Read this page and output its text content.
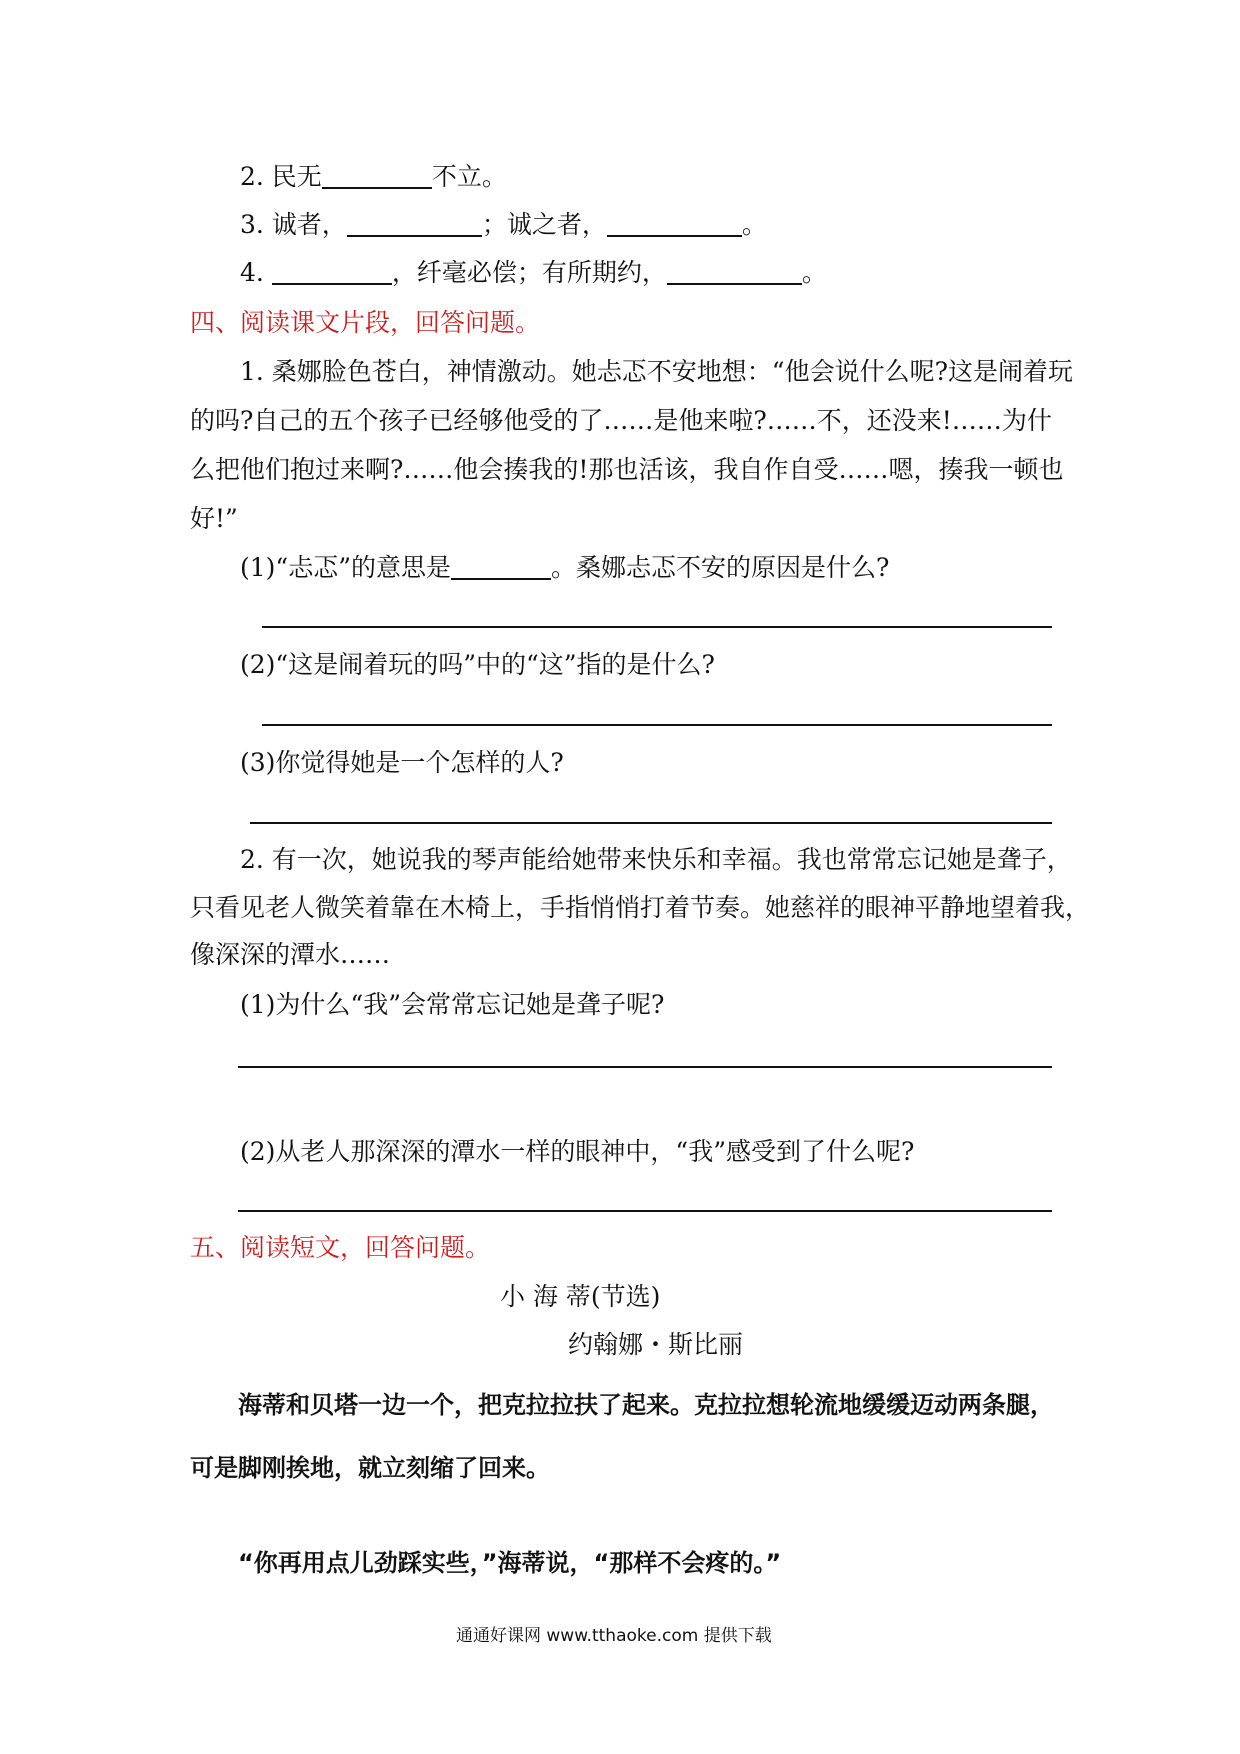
2. 民无	不立。
3. 诚者，	；诚之者，	。
4.	，纤毫必偿；有所期约，	。
四、阅读课文片段，回答问题。
1. 桑娜脸色苍白，神情激动。她忐忑不安地想：“他会说什么呢?这是闹着玩
的吗?自己的五个孩子已经够他受的了……是他来啦?……不，还没来!……为什
么把他们抱过来啊?……他会揍我的!那也活该，我自作自受……嗯，揍我一顿也
好!”
(1)“忐忑”的意思是	。桑娜忐忑不安的原因是什么?
(2)“这是闹着玩的吗”中的“这”指的是什么?
(3)你觉得她是一个怎样的人?
2. 有一次，她说我的琴声能给她带来快乐和幸福。我也常常忘记她是聋子，
只看见老人微笑着靠在木椅上，手指悄悄打着节奏。她慈祥的眼神平静地望着我，
像深深的潭水……
(1)为什么“我”会常常忘记她是聋子呢?
(2)从老人那深深的潭水一样的眼神中，“我”感受到了什么呢?
五、阅读短文，回答问题。
小 海 蒂(节选)
约翰娜・斯比丽
海蒂和贝塔一边一个，把克拉拉扶了起来。克拉拉想轮流地缓缓迈动两条腿，
可是脚刚挨地，就立刻缩了回来。
“你再用点儿劲踩实些，”海蒂说，“那样不会疼的。”
通通好课网 www.tthaoke.com 提供下载
